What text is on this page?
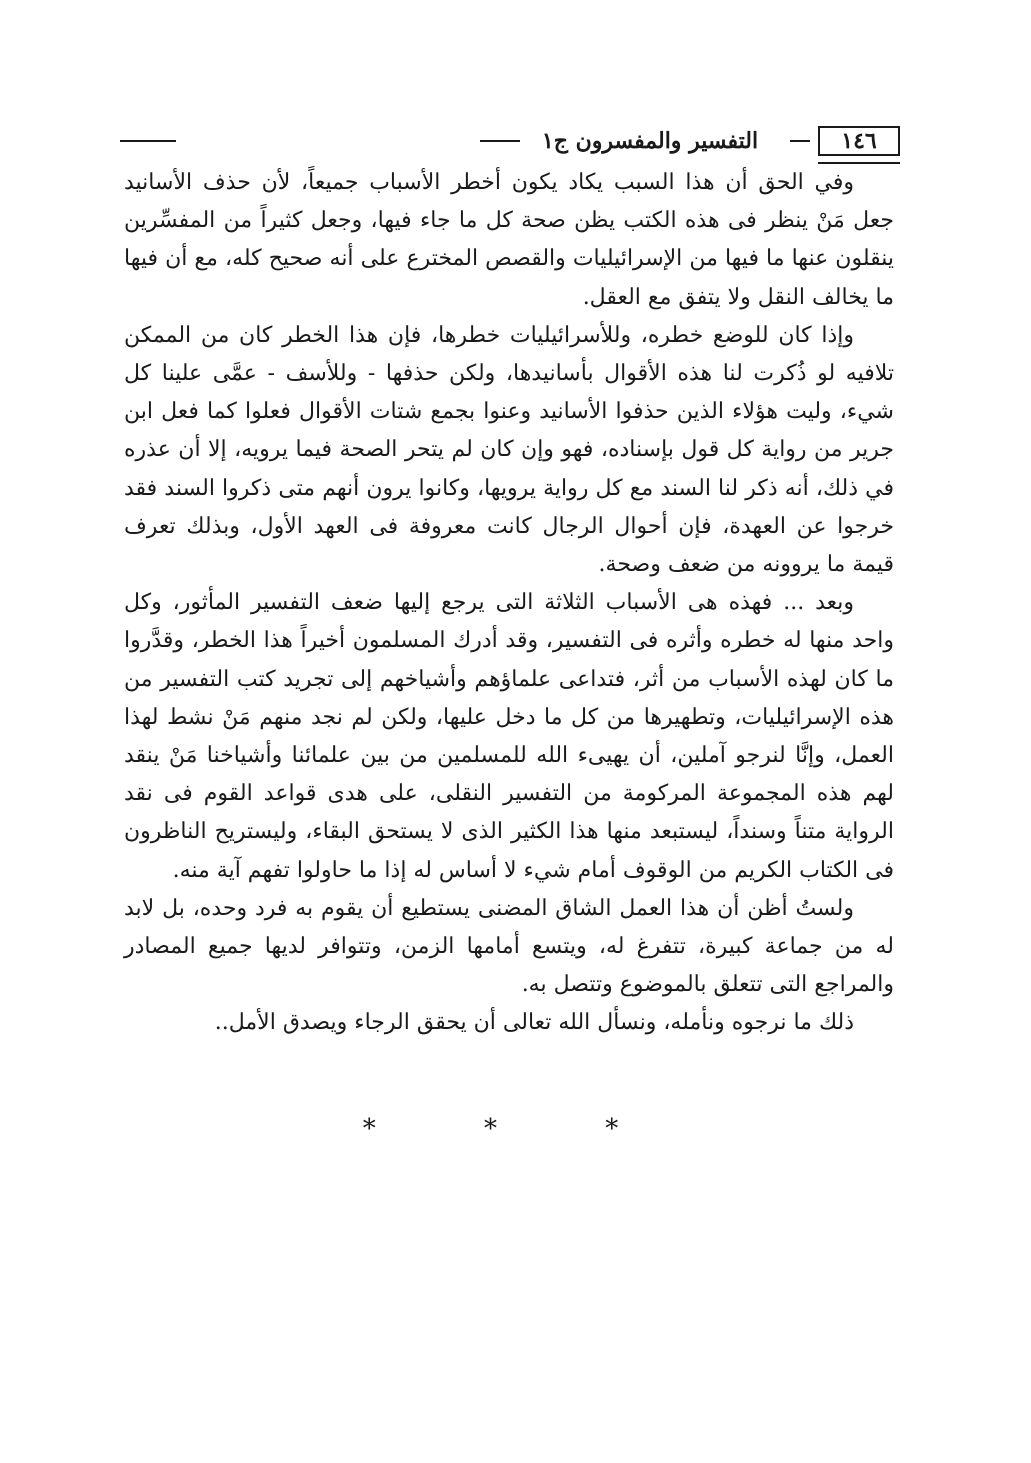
١٤٦
التفسير والمفسرون ج١

وفي الحق أن هذا السبب يكاد يكون أخطر الأسباب جميعاً، لأن حذف الأسانيد جعل مَنْ ينظر فى هذه الكتب يظن صحة كل ما جاء فيها، وجعل كثيراً من المفسِّرين ينقلون عنها ما فيها من الإسرائيليات والقصص المخترع على أنه صحيح كله، مع أن فيها ما يخالف النقل ولا يتفق مع العقل.

وإذا كان للوضع خطره، وللأسرائيليات خطرها، فإن هذا الخطر كان من الممكن تلافيه لو ذُكرت لنا هذه الأقوال بأسانيدها، ولكن حذفها - وللأسف - عمَّى علينا كل شيء، وليت هؤلاء الذين حذفوا الأسانيد وعنوا بجمع شتات الأقوال فعلوا كما فعل ابن جرير من رواية كل قول بإسناده، فهو وإن كان لم يتحر الصحة فيما يرويه، إلا أن عذره في ذلك، أنه ذكر لنا السند مع كل رواية يرويها، وكانوا يرون أنهم متى ذكروا السند فقد خرجوا عن العهدة، فإن أحوال الرجال كانت معروفة فى العهد الأول، وبذلك تعرف قيمة ما يروونه من ضعف وصحة.

وبعد ... فهذه هى الأسباب الثلاثة التى يرجع إليها ضعف التفسير المأثور، وكل واحد منها له خطره وأثره فى التفسير، وقد أدرك المسلمون أخيراً هذا الخطر، وقدَّروا ما كان لهذه الأسباب من أثر، فتداعى علماؤهم وأشياخهم إلى تجريد كتب التفسير من هذه الإسرائيليات، وتطهيرها من كل ما دخل عليها، ولكن لم نجد منهم مَنْ نشط لهذا العمل، وإنَّا لنرجو آملين، أن يهيىء الله للمسلمين من بين علمائنا وأشياخنا مَنْ ينقد لهم هذه المجموعة المركومة من التفسير النقلى، على هدى قواعد القوم فى نقد الرواية متناً وسنداً، ليستبعد منها هذا الكثير الذى لا يستحق البقاء، وليستريح الناظرون فى الكتاب الكريم من الوقوف أمام شيء لا أساس له إذا ما حاولوا تفهم آية منه.

ولستُ أظن أن هذا العمل الشاق المضنى يستطيع أن يقوم به فرد وحده، بل لابد له من جماعة كبيرة، تتفرغ له، ويتسع أمامها الزمن، وتتوافر لديها جميع المصادر والمراجع التى تتعلق بالموضوع وتتصل به.

ذلك ما نرجوه ونأمله، ونسأل الله تعالى أن يحقق الرجاء ويصدق الأمل..

* * *
